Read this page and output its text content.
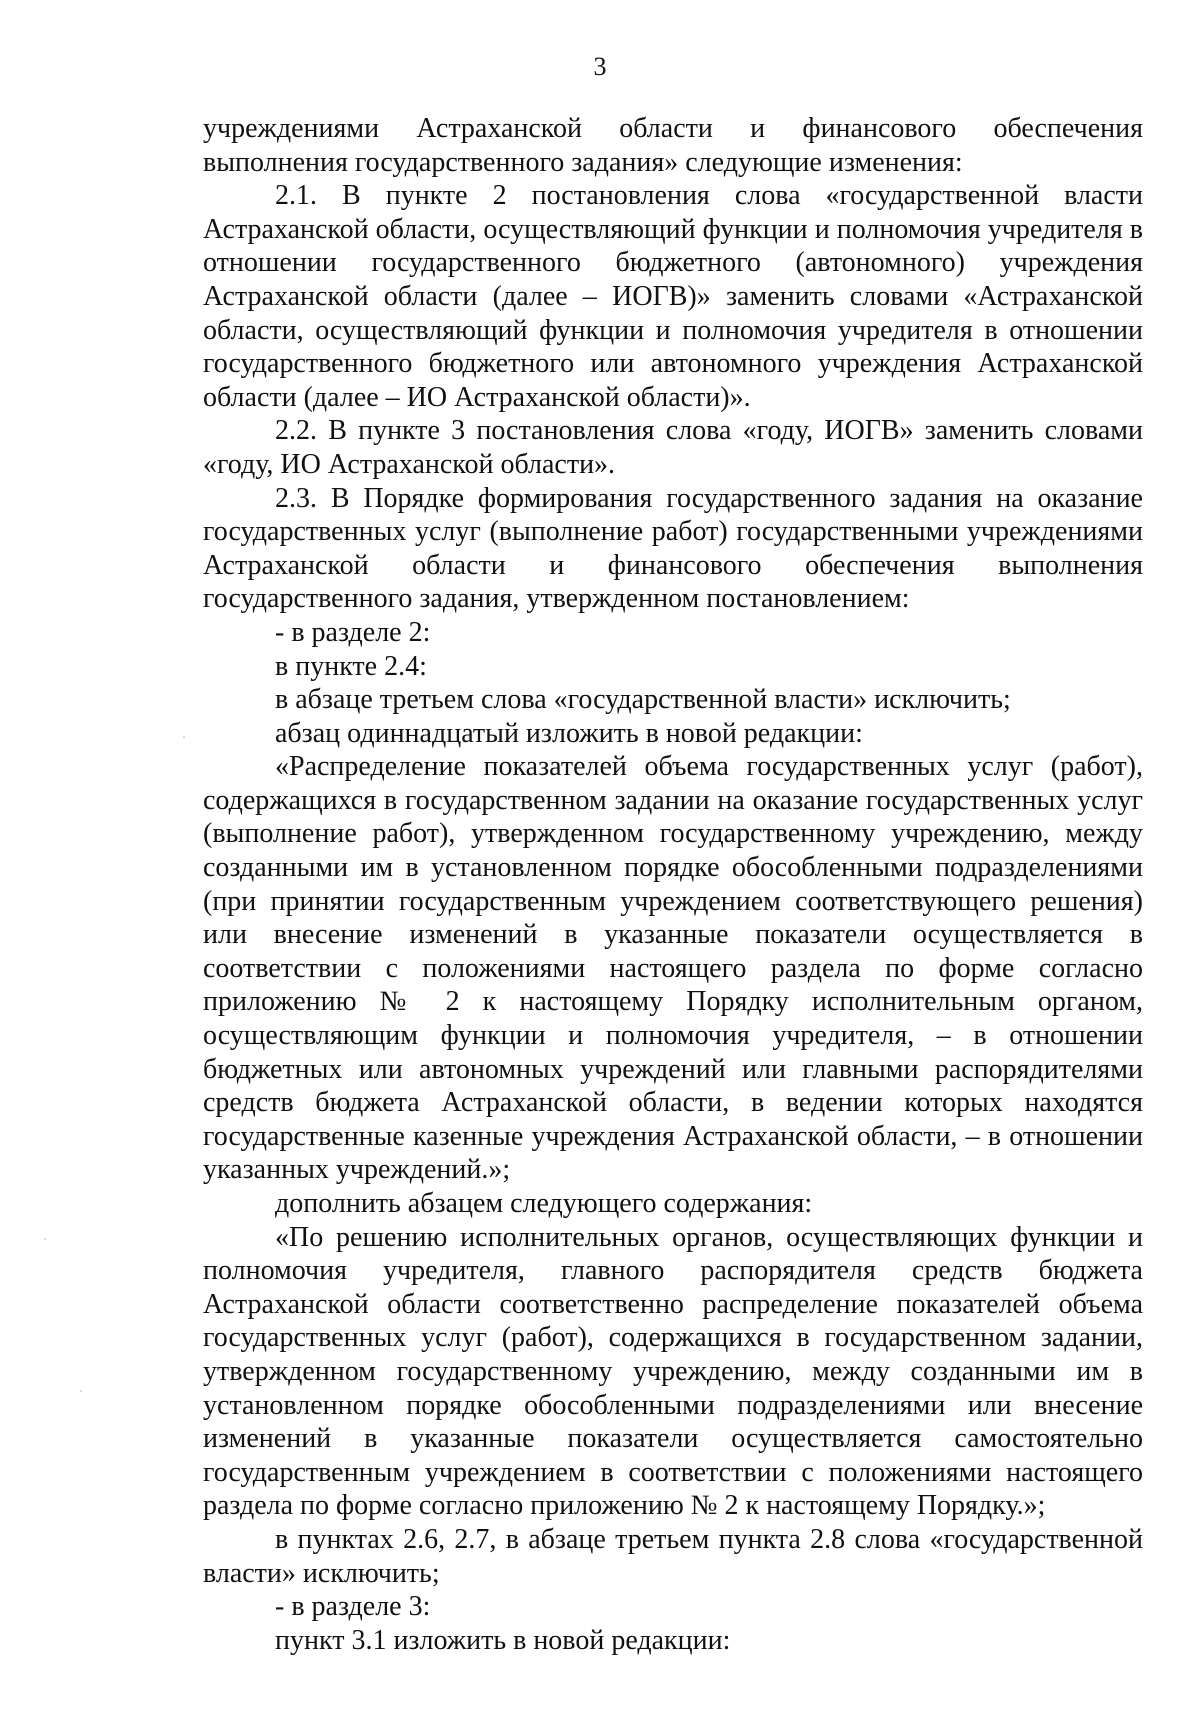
3

учреждениями Астраханской области и финансового обеспечения выполнения государственного задания» следующие изменения:

2.1. В пункте 2 постановления слова «государственной власти Астраханской области, осуществляющий функции и полномочия учредителя в отношении государственного бюджетного (автономного) учреждения Астраханской области (далее – ИОГВ)» заменить словами «Астраханской области, осуществляющий функции и полномочия учредителя в отношении государственного бюджетного или автономного учреждения Астраханской области (далее – ИО Астраханской области)».

2.2. В пункте 3 постановления слова «году, ИОГВ» заменить словами «году, ИО Астраханской области».

2.3. В Порядке формирования государственного задания на оказание государственных услуг (выполнение работ) государственными учреждениями Астраханской области и финансового обеспечения выполнения государственного задания, утвержденном постановлением:

- в разделе 2:

в пункте 2.4:

в абзаце третьем слова «государственной власти» исключить;

абзац одиннадцатый изложить в новой редакции:

«Распределение показателей объема государственных услуг (работ), содержащихся в государственном задании на оказание государственных услуг (выполнение работ), утвержденном государственному учреждению, между созданными им в установленном порядке обособленными подразделениями (при принятии государственным учреждением соответствующего решения) или внесение изменений в указанные показатели осуществляется в соответствии с положениями настоящего раздела по форме согласно приложению № 2 к настоящему Порядку исполнительным органом, осуществляющим функции и полномочия учредителя, – в отношении бюджетных или автономных учреждений или главными распорядителями средств бюджета Астраханской области, в ведении которых находятся государственные казенные учреждения Астраханской области, – в отношении указанных учреждений.»;

дополнить абзацем следующего содержания:

«По решению исполнительных органов, осуществляющих функции и полномочия учредителя, главного распорядителя средств бюджета Астраханской области соответственно распределение показателей объема государственных услуг (работ), содержащихся в государственном задании, утвержденном государственному учреждению, между созданными им в установленном порядке обособленными подразделениями или внесение изменений в указанные показатели осуществляется самостоятельно государственным учреждением в соответствии с положениями настоящего раздела по форме согласно приложению № 2 к настоящему Порядку.»;

в пунктах 2.6, 2.7, в абзаце третьем пункта 2.8 слова «государственной власти» исключить;

- в разделе 3:

пункт 3.1 изложить в новой редакции:
